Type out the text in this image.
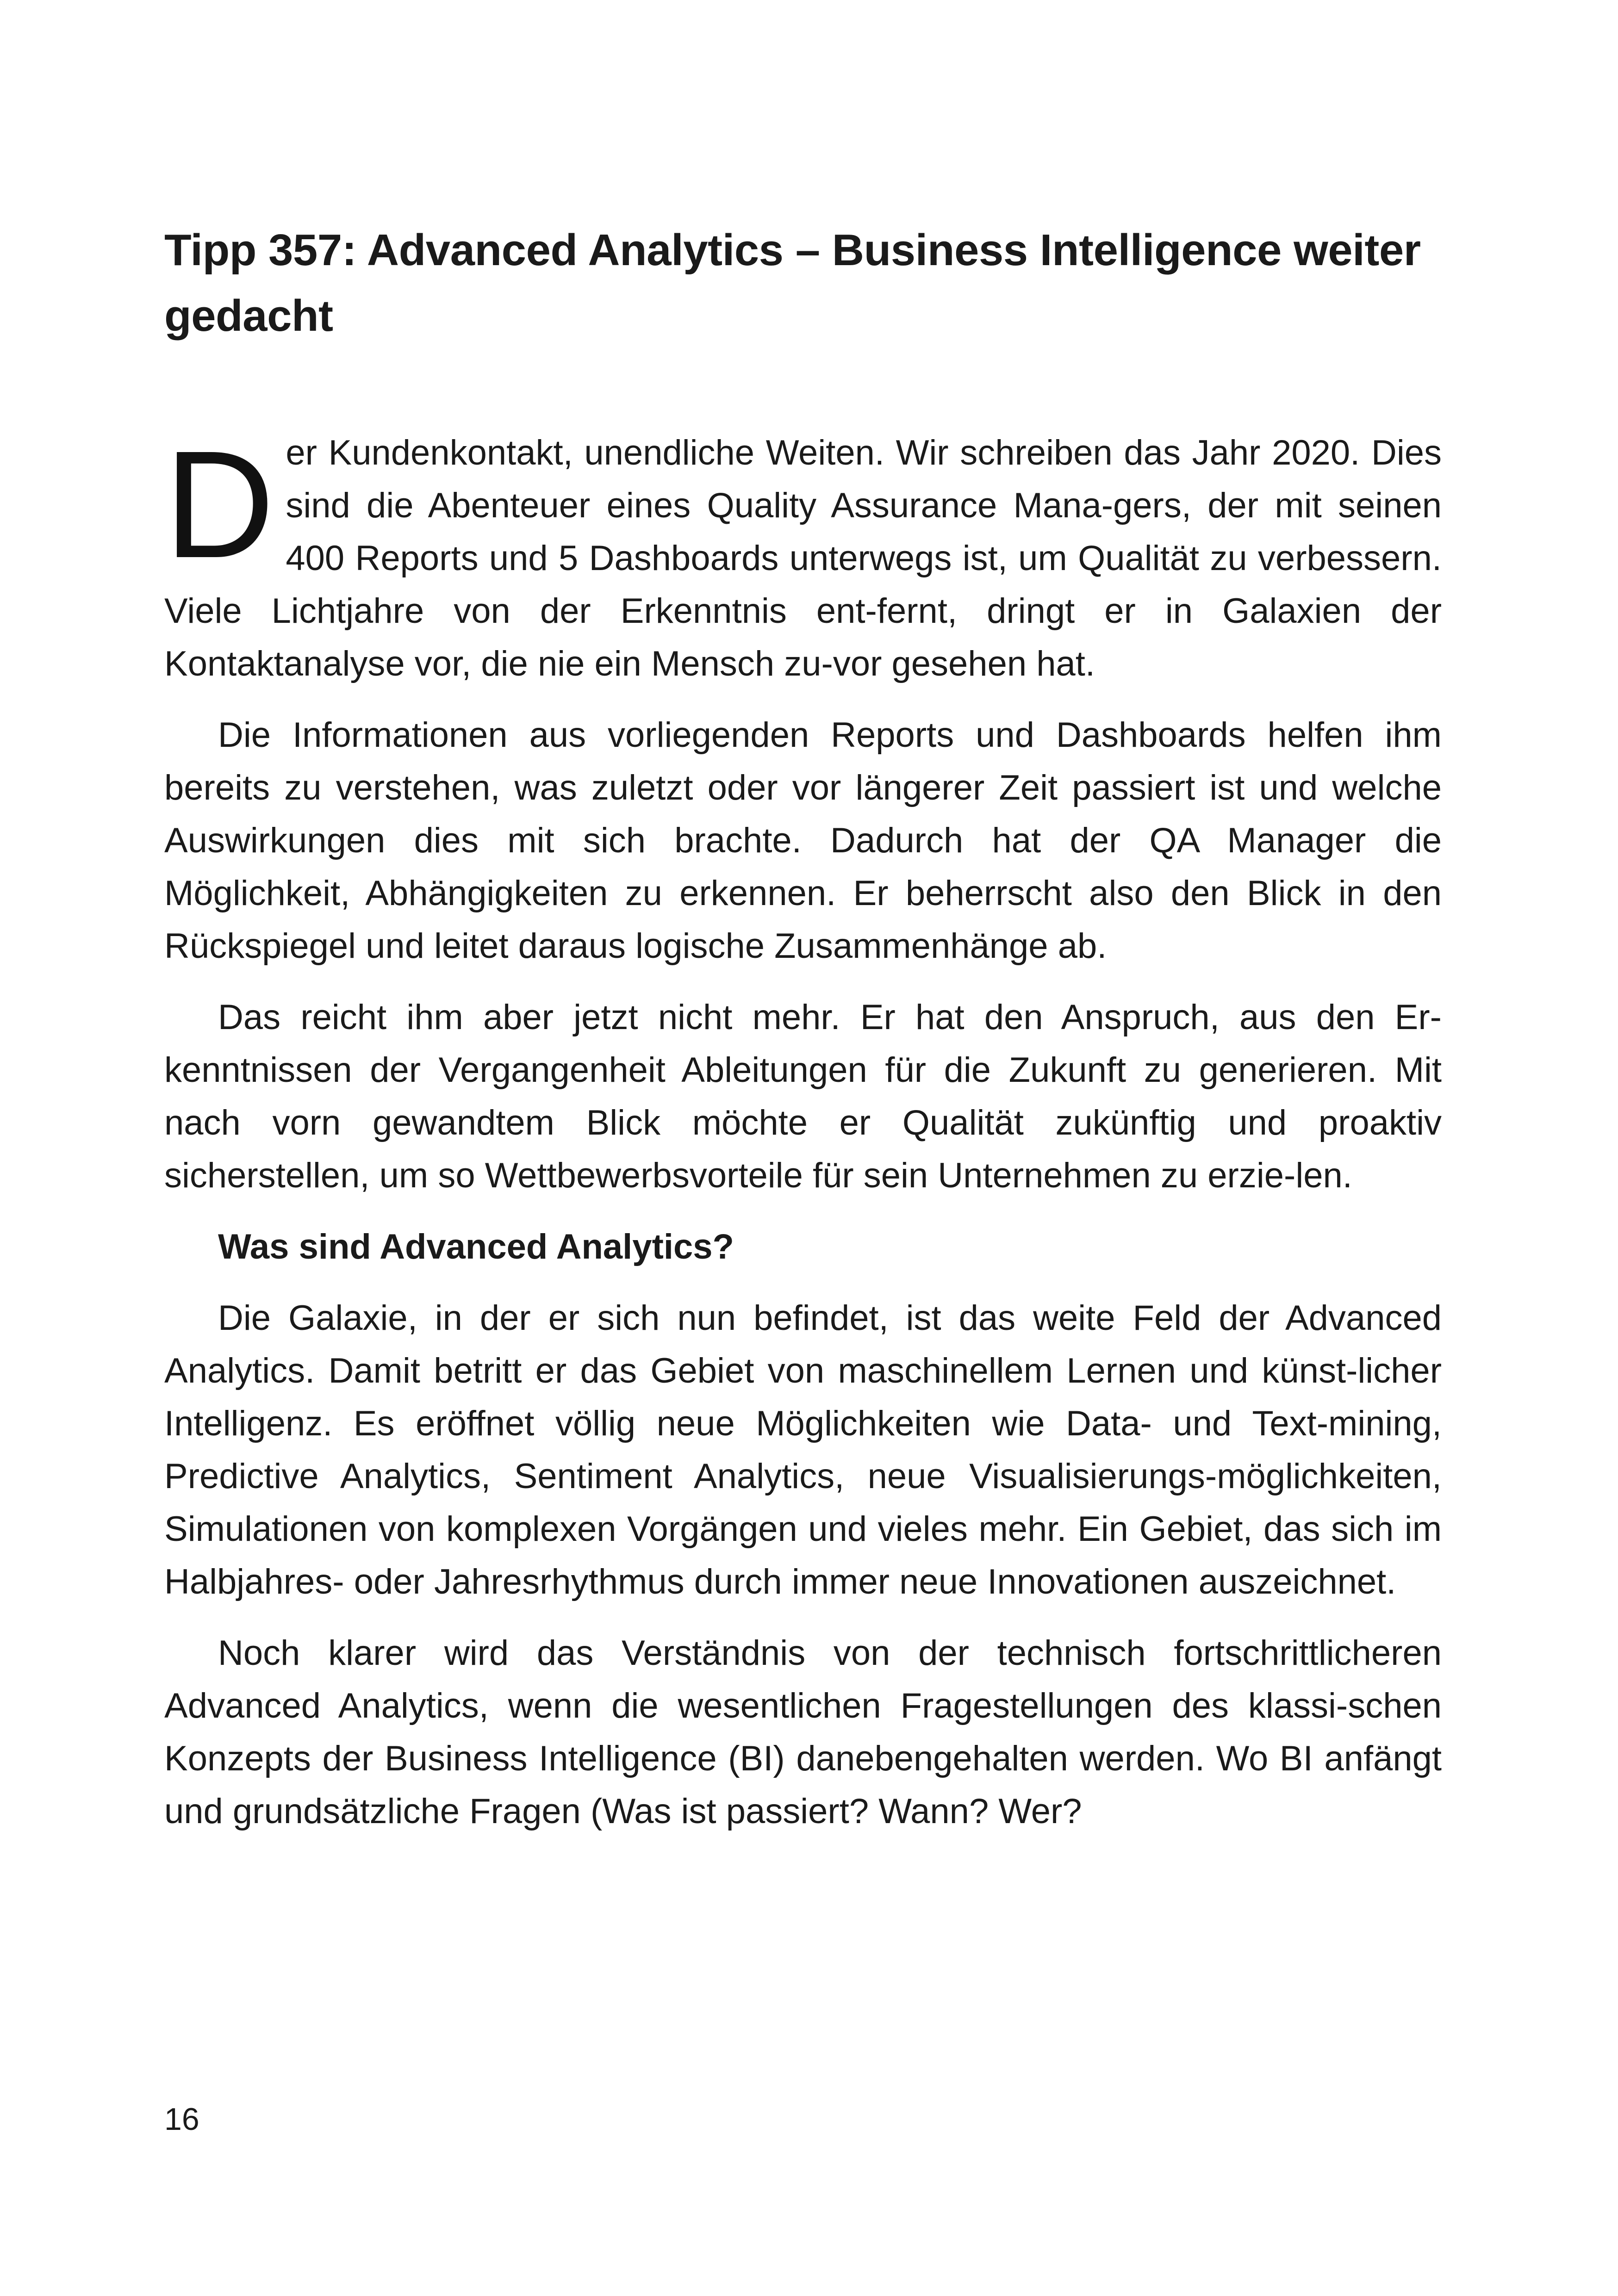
Tipp 357: Advanced Analytics – Business Intelligence weiter gedacht

Der Kundenkontakt, unendliche Weiten. Wir schreiben das Jahr 2020. Dies sind die Abenteuer eines Quality Assurance Mana-gers, der mit seinen 400 Reports und 5 Dashboards unterwegs ist, um Qualität zu verbessern. Viele Lichtjahre von der Erkenntnis ent-fernt, dringt er in Galaxien der Kontaktanalyse vor, die nie ein Mensch zu-vor gesehen hat.

Die Informationen aus vorliegenden Reports und Dashboards helfen ihm bereits zu verstehen, was zuletzt oder vor längerer Zeit passiert ist und welche Auswirkungen dies mit sich brachte. Dadurch hat der QA Manager die Möglichkeit, Abhängigkeiten zu erkennen. Er beherrscht also den Blick in den Rückspiegel und leitet daraus logische Zusammenhänge ab.

Das reicht ihm aber jetzt nicht mehr. Er hat den Anspruch, aus den Er-kenntnissen der Vergangenheit Ableitungen für die Zukunft zu generieren. Mit nach vorn gewandtem Blick möchte er Qualität zukünftig und proaktiv sicherstellen, um so Wettbewerbsvorteile für sein Unternehmen zu erzie-len.

Was sind Advanced Analytics?

Die Galaxie, in der er sich nun befindet, ist das weite Feld der Advanced Analytics. Damit betritt er das Gebiet von maschinellem Lernen und künst-licher Intelligenz. Es eröffnet völlig neue Möglichkeiten wie Data- und Text-mining, Predictive Analytics, Sentiment Analytics, neue Visualisierungs-möglichkeiten, Simulationen von komplexen Vorgängen und vieles mehr. Ein Gebiet, das sich im Halbjahres- oder Jahresrhythmus durch immer neue Innovationen auszeichnet.

Noch klarer wird das Verständnis von der technisch fortschrittlicheren Advanced Analytics, wenn die wesentlichen Fragestellungen des klassi-schen Konzepts der Business Intelligence (BI) danebengehalten werden. Wo BI anfängt und grundsätzliche Fragen (Was ist passiert? Wann? Wer?

16
